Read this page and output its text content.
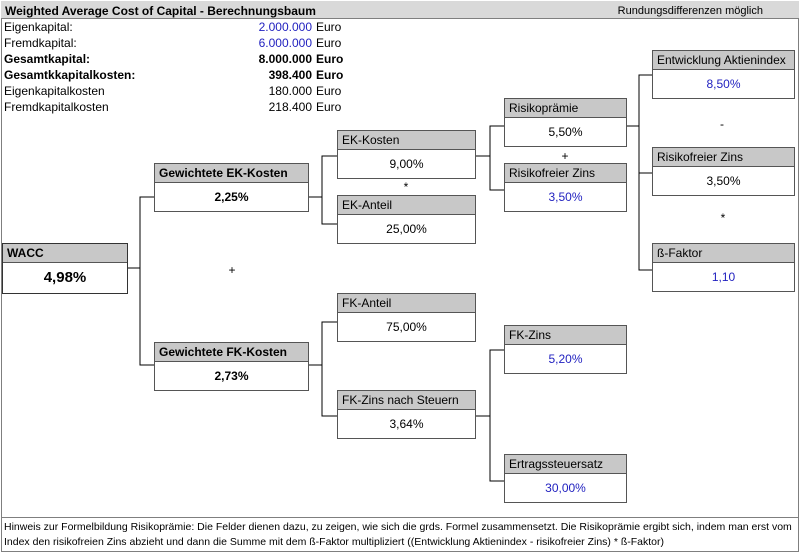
Weighted Average Cost of Capital - Berechnungsbaum	Rundungsdifferenzen möglich
Eigenkapital:	2.000.000 Euro
Fremdkapital:	6.000.000 Euro
Gesamtkapital:	8.000.000 Euro
Gesamtkkapitalkosten:	398.400 Euro
Eigenkapitalkosten	180.000 Euro
Fremdkapitalkosten	218.400 Euro
WACC
4,98%
Gewichtete EK-Kosten
2,25%
Gewichtete FK-Kosten
2,73%
EK-Kosten
9,00%
EK-Anteil
25,00%
Risikoprämie
5,50%
Risikofreier Zins
3,50%
Entwicklung Aktienindex
8,50%
Risikofreier Zins
3,50%
ß-Faktor
1,10
FK-Anteil
75,00%
FK-Zins nach Steuern
3,64%
FK-Zins
5,20%
Ertragssteuersatz
30,00%
+
*
+
-
*
Hinweis zur Formelbildung Risikoprämie: Die Felder dienen dazu, zu zeigen, wie sich die grds. Formel zusammensetzt. Die Risikoprämie ergibt sich, indem man erst vom Index den risikofreien Zins abzieht und dann die Summe mit dem ß-Faktor multipliziert ((Entwicklung Aktienindex - risikofreier Zins) * ß-Faktor)
